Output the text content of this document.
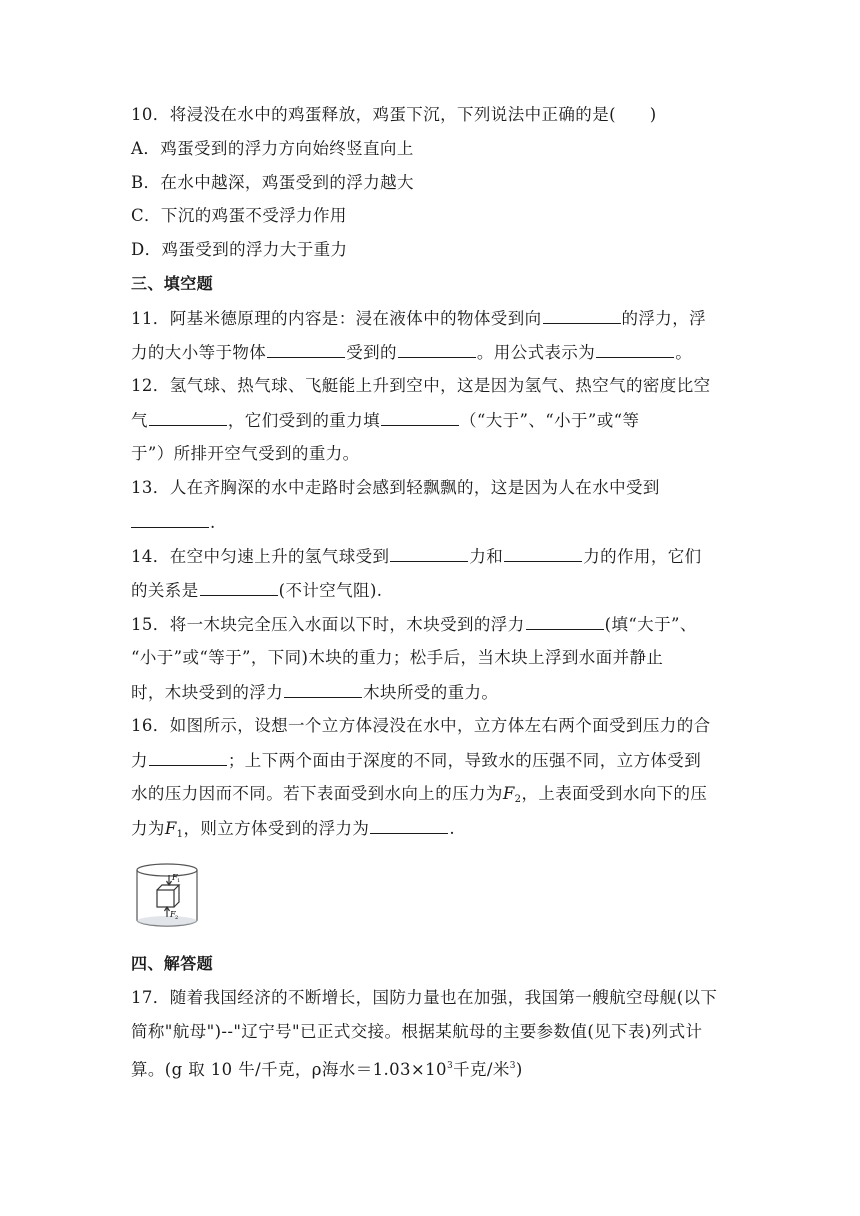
10．将浸没在水中的鸡蛋释放，鸡蛋下沉，下列说法中正确的是(　　)
A．鸡蛋受到的浮力方向始终竖直向上
B．在水中越深，鸡蛋受到的浮力越大
C．下沉的鸡蛋不受浮力作用
D．鸡蛋受到的浮力大于重力
三、填空题
11．阿基米德原理的内容是：浸在液体中的物体受到向	的浮力，浮
力的大小等于物体	受到的	。用公式表示为	。
12．氢气球、热气球、飞艇能上升到空中，这是因为氢气、热空气的密度比空
气	，它们受到的重力填	（“大于”、“小于”或“等
于”）所排开空气受到的重力。
13．人在齐胸深的水中走路时会感到轻飘飘的，这是因为人在水中受到
.
14．在空中匀速上升的氢气球受到	力和	力的作用，它们
的关系是	(不计空气阻).
15．将一木块完全压入水面以下时，木块受到的浮力	(填“大于”、
“小于”或“等于”，下同)木块的重力；松手后，当木块上浮到水面并静止
时，木块受到的浮力	木块所受的重力。
16．如图所示，设想一个立方体浸没在水中，立方体左右两个面受到压力的合
力	；上下两个面由于深度的不同，导致水的压强不同，立方体受到
水的压力因而不同。若下表面受到水向上的压力为$F_2$，上表面受到水向下的压
力为$F_1$，则立方体受到的浮力为	.
F 1
F 2
四、解答题
17．随着我国经济的不断增长，国防力量也在加强，我国第一艘航空母舰(以下
简称"航母")--"辽宁号"已正式交接。根据某航母的主要参数值(见下表)列式计
算。(g 取 10 牛/千克，ρ海水$=1.03\times 10^3$千克/米$^3$)
